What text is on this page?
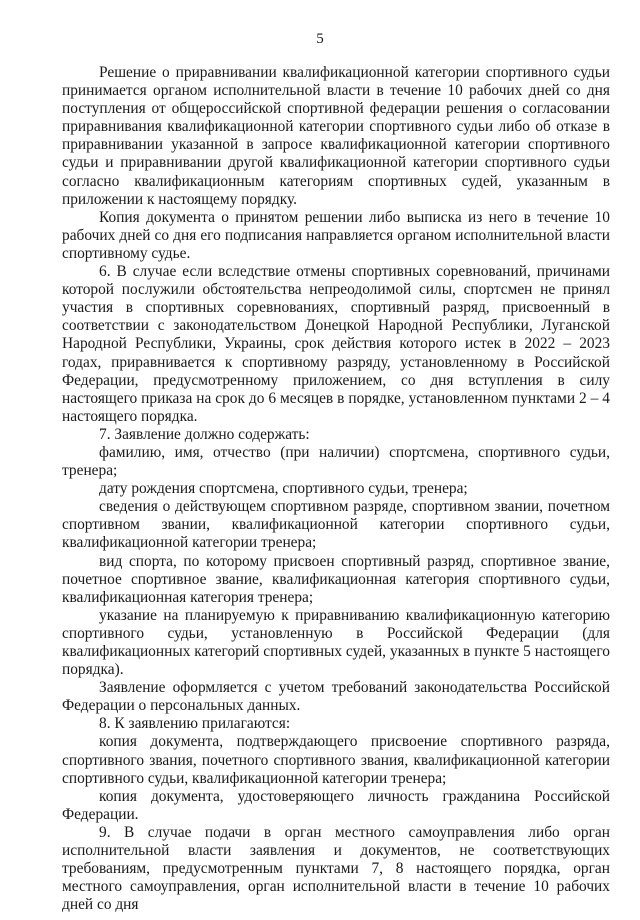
5

Решение о приравнивании квалификационной категории спортивного судьи принимается органом исполнительной власти в течение 10 рабочих дней со дня поступления от общероссийской спортивной федерации решения о согласовании приравнивания квалификационной категории спортивного судьи либо об отказе в приравнивании указанной в запросе квалификационной категории спортивного судьи и приравнивании другой квалификационной категории спортивного судьи согласно квалификационным категориям спортивных судей, указанным в приложении к настоящему порядку.

Копия документа о принятом решении либо выписка из него в течение 10 рабочих дней со дня его подписания направляется органом исполнительной власти спортивному судье.

6. В случае если вследствие отмены спортивных соревнований, причинами которой послужили обстоятельства непреодолимой силы, спортсмен не принял участия в спортивных соревнованиях, спортивный разряд, присвоенный в соответствии с законодательством Донецкой Народной Республики, Луганской Народной Республики, Украины, срок действия которого истек в 2022 – 2023 годах, приравнивается к спортивному разряду, установленному в Российской Федерации, предусмотренному приложением, со дня вступления в силу настоящего приказа на срок до 6 месяцев в порядке, установленном пунктами 2 – 4 настоящего порядка.

7. Заявление должно содержать:

фамилию, имя, отчество (при наличии) спортсмена, спортивного судьи, тренера;

дату рождения спортсмена, спортивного судьи, тренера;

сведения о действующем спортивном разряде, спортивном звании, почетном спортивном звании, квалификационной категории спортивного судьи, квалификационной категории тренера;

вид спорта, по которому присвоен спортивный разряд, спортивное звание, почетное спортивное звание, квалификационная категория спортивного судьи, квалификационная категория тренера;

указание на планируемую к приравниванию квалификационную категорию спортивного судьи, установленную в Российской Федерации (для квалификационных категорий спортивных судей, указанных в пункте 5 настоящего порядка).

Заявление оформляется с учетом требований законодательства Российской Федерации о персональных данных.

8. К заявлению прилагаются:

копия документа, подтверждающего присвоение спортивного разряда, спортивного звания, почетного спортивного звания, квалификационной категории спортивного судьи, квалификационной категории тренера;

копия документа, удостоверяющего личность гражданина Российской Федерации.

9. В случае подачи в орган местного самоуправления либо орган исполнительной власти заявления и документов, не соответствующих требованиям, предусмотренным пунктами 7, 8 настоящего порядка, орган местного самоуправления, орган исполнительной власти в течение 10 рабочих дней со дня
